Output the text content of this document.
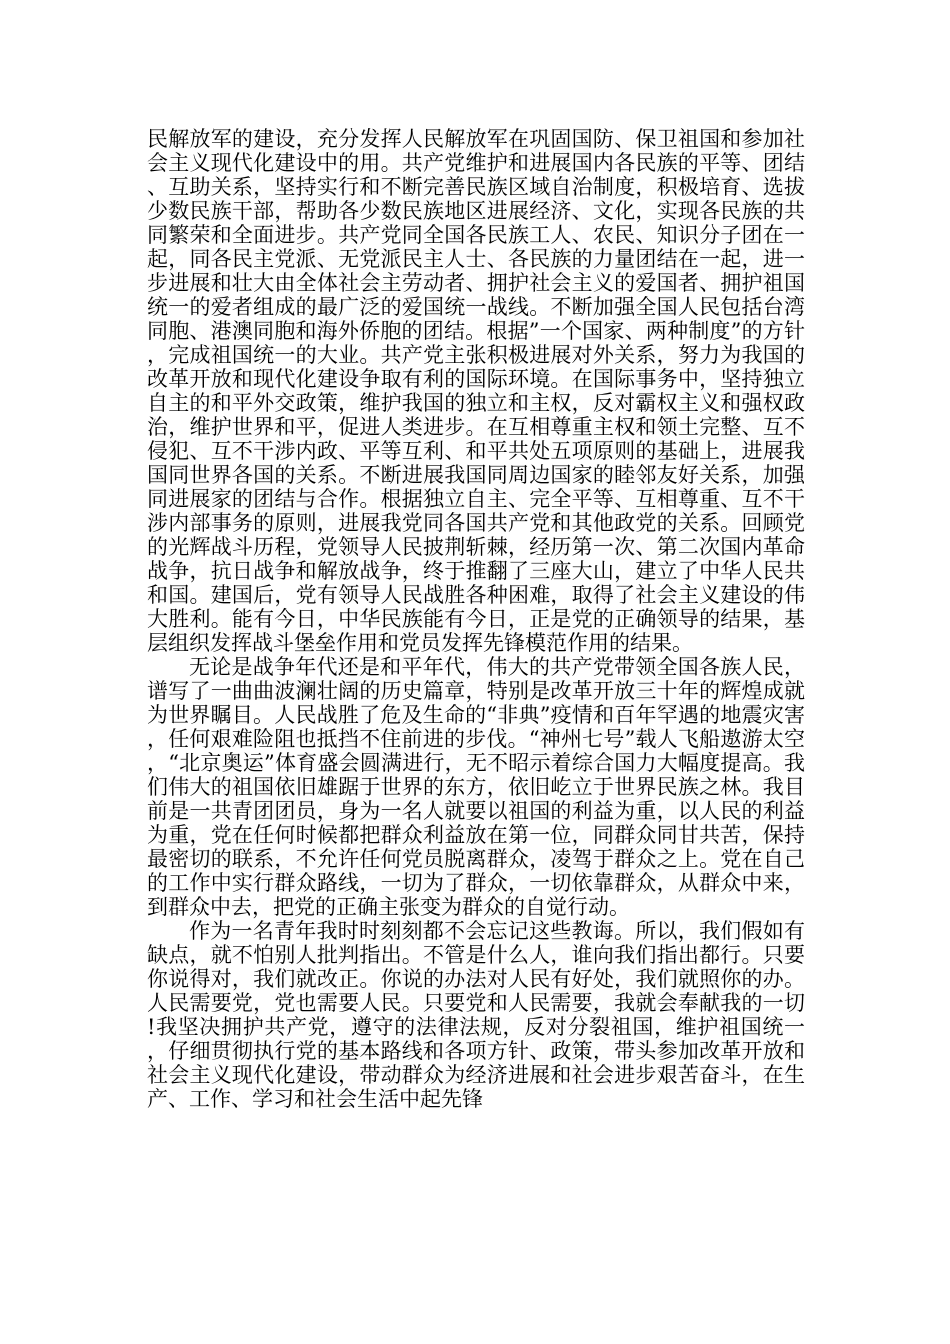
民解放军的建设，充分发挥人民解放军在巩固国防、保卫祖国和参加社会主义现代化建设中的用。共产党维护和进展国内各民族的平等、团结、互助关系，坚持实行和不断完善民族区域自治制度，积极培育、选拔少数民族干部，帮助各少数民族地区进展经济、文化，实现各民族的共同繁荣和全面进步。共产党同全国各民族工人、农民、知识分子团在一起，同各民主党派、无党派民主人士、各民族的力量团结在一起，进一步进展和壮大由全体社会主劳动者、拥护社会主义的爱国者、拥护祖国统一的爱者组成的最广泛的爱国统一战线。不断加强全国人民包括台湾同胞、港澳同胞和海外侨胞的团结。根据”一个国家、两种制度”的方针，完成祖国统一的大业。共产党主张积极进展对外关系，努力为我国的改革开放和现代化建设争取有利的国际环境。在国际事务中，坚持独立自主的和平外交政策，维护我国的独立和主权，反对霸权主义和强权政治，维护世界和平，促进人类进步。在互相尊重主权和领土完整、互不侵犯、互不干涉内政、平等互利、和平共处五项原则的基础上，进展我国同世界各国的关系。不断进展我国同周边国家的睦邻友好关系，加强同进展家的团结与合作。根据独立自主、完全平等、互相尊重、互不干涉内部事务的原则，进展我党同各国共产党和其他政党的关系。回顾党的光辉战斗历程，党领导人民披荆斩棘，经历第一次、第二次国内革命战争，抗日战争和解放战争，终于推翻了三座大山，建立了中华人民共和国。建国后，党有领导人民战胜各种困难，取得了社会主义建设的伟大胜利。能有今日，中华民族能有今日，正是党的正确领导的结果，基层组织发挥战斗堡垒作用和党员发挥先锋模范作用的结果。

无论是战争年代还是和平年代，伟大的共产党带领全国各族人民，谱写了一曲曲波澜壮阔的历史篇章，特别是改革开放三十年的辉煌成就为世界瞩目。人民战胜了危及生命的“非典”疫情和百年罕遇的地震灾害，任何艰难险阻也抵挡不住前进的步伐。“神州七号”载人飞船遨游太空，“北京奥运”体育盛会圆满进行，无不昭示着综合国力大幅度提高。我们伟大的祖国依旧雄踞于世界的东方，依旧屹立于世界民族之林。我目前是一共青团团员，身为一名人就要以祖国的利益为重，以人民的利益为重，党在任何时候都把群众利益放在第一位，同群众同甘共苦，保持最密切的联系，不允许任何党员脱离群众，凌驾于群众之上。党在自己的工作中实行群众路线，一切为了群众，一切依靠群众，从群众中来，到群众中去，把党的正确主张变为群众的自觉行动。

作为一名青年我时时刻刻都不会忘记这些教诲。所以，我们假如有缺点，就不怕别人批判指出。不管是什么人，谁向我们指出都行。只要你说得对，我们就改正。你说的办法对人民有好处，我们就照你的办。人民需要党，党也需要人民。只要党和人民需要，我就会奉献我的一切!我坚决拥护共产党，遵守的法律法规，反对分裂祖国，维护祖国统一，仔细贯彻执行党的基本路线和各项方针、政策，带头参加改革开放和社会主义现代化建设，带动群众为经济进展和社会进步艰苦奋斗，在生产、工作、学习和社会生活中起先锋
